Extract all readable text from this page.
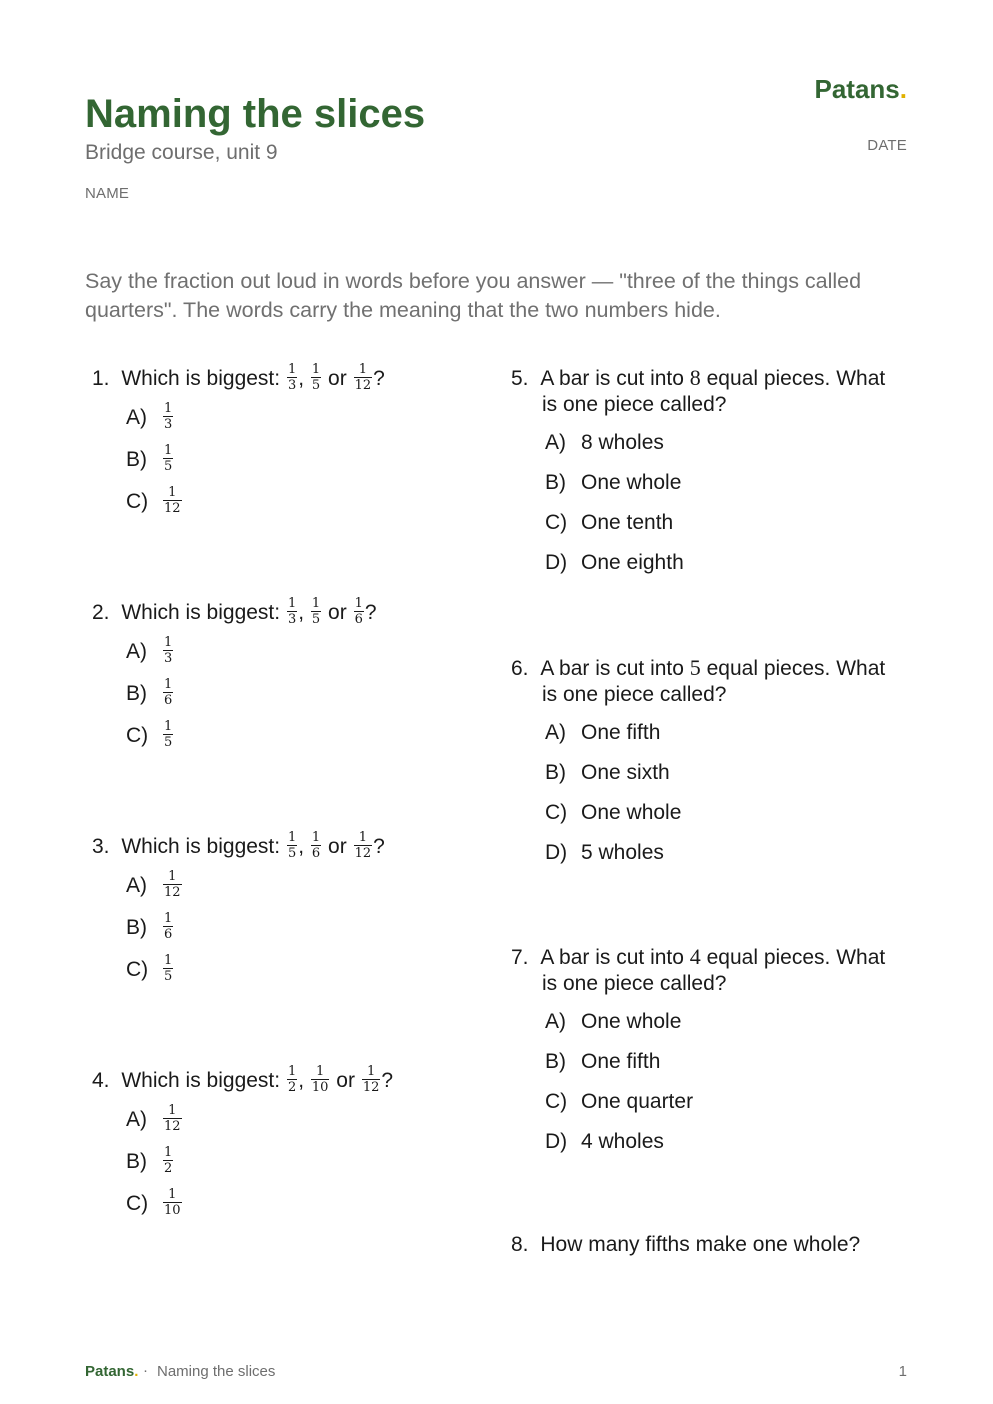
Naming the slices
Bridge course, unit 9
NAME
Patans.
DATE
Say the fraction out loud in words before you answer — "three of the things called quarters". The words carry the meaning that the two numbers hide.
1. Which is biggest: $\frac{1}{3}$ , $\frac{1}{5}$ or $\frac{1}{12}$ ?
$A) \frac{1}{3}$
$B) \frac{1}{5}$
$C) \frac{1}{12}$
2. Which is biggest: $\frac{1}{3}$ , $\frac{1}{5}$ or $\frac{1}{6}$ ?
$A) \frac{1}{3}$
$B) \frac{1}{6}$
$C) \frac{1}{5}$
3. Which is biggest: $\frac{1}{5}$ , $\frac{1}{6}$ or $\frac{1}{12}$ ?
$A) \frac{1}{12}$
$B) \frac{1}{6}$
$C) \frac{1}{5}$
4. Which is biggest: $\frac{1}{2}$ , $\frac{1}{10}$ or $\frac{1}{12}$ ?
$A) \frac{1}{12}$
$B) \frac{1}{2}$
$C) \frac{1}{10}$
5. A bar is cut into 8 equal pieces. What
is one piece called?
A) 8 wholes
B) One whole
C) One tenth
D) One eighth
6. A bar is cut into 5 equal pieces. What
is one piece called?
A) One fifth
B) One sixth
C) One whole
D) 5 wholes
7. A bar is cut into 4 equal pieces. What
is one piece called?
A) One whole
B) One fifth
C) One quarter
D) 4 wholes
8. How many fifths make one whole?
Patans. · Naming the slices	1
